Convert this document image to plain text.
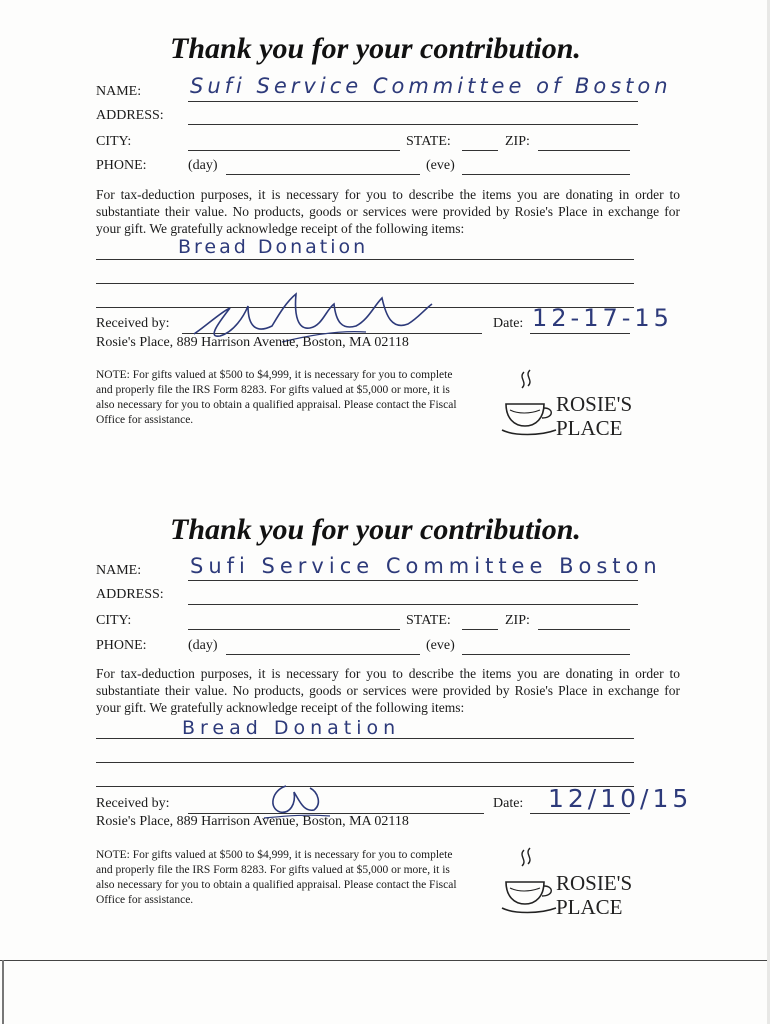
Thank you for your contribution.
NAME: Sufi Service Committee of Boston
ADDRESS:
CITY:	STATE:	ZIP:
PHONE:	(day)	(eve)
For tax-deduction purposes, it is necessary for you to describe the items you are donating in order to substantiate their value. No products, goods or services were provided by Rosie's Place in exchange for your gift. We gratefully acknowledge receipt of the following items:
Bread Donation
Received by:	Date: 12-17-15
Rosie's Place, 889 Harrison Avenue, Boston, MA 02118
NOTE: For gifts valued at $500 to $4,999, it is necessary for you to complete and properly file the IRS Form 8283. For gifts valued at $5,000 or more, it is also necessary for you to obtain a qualified appraisal. Please contact the Fiscal Office for assistance.
ROSIE'S
PLACE
Thank you for your contribution.
NAME: Sufi Service Committee Boston
ADDRESS:
CITY:	STATE:	ZIP:
PHONE:	(day)	(eve)
For tax-deduction purposes, it is necessary for you to describe the items you are donating in order to substantiate their value. No products, goods or services were provided by Rosie's Place in exchange for your gift. We gratefully acknowledge receipt of the following items:
Bread Donation
Received by:	Date: 12/10/15
Rosie's Place, 889 Harrison Avenue, Boston, MA 02118
NOTE: For gifts valued at $500 to $4,999, it is necessary for you to complete and properly file the IRS Form 8283. For gifts valued at $5,000 or more, it is also necessary for you to obtain a qualified appraisal. Please contact the Fiscal Office for assistance.
ROSIE'S
PLACE
